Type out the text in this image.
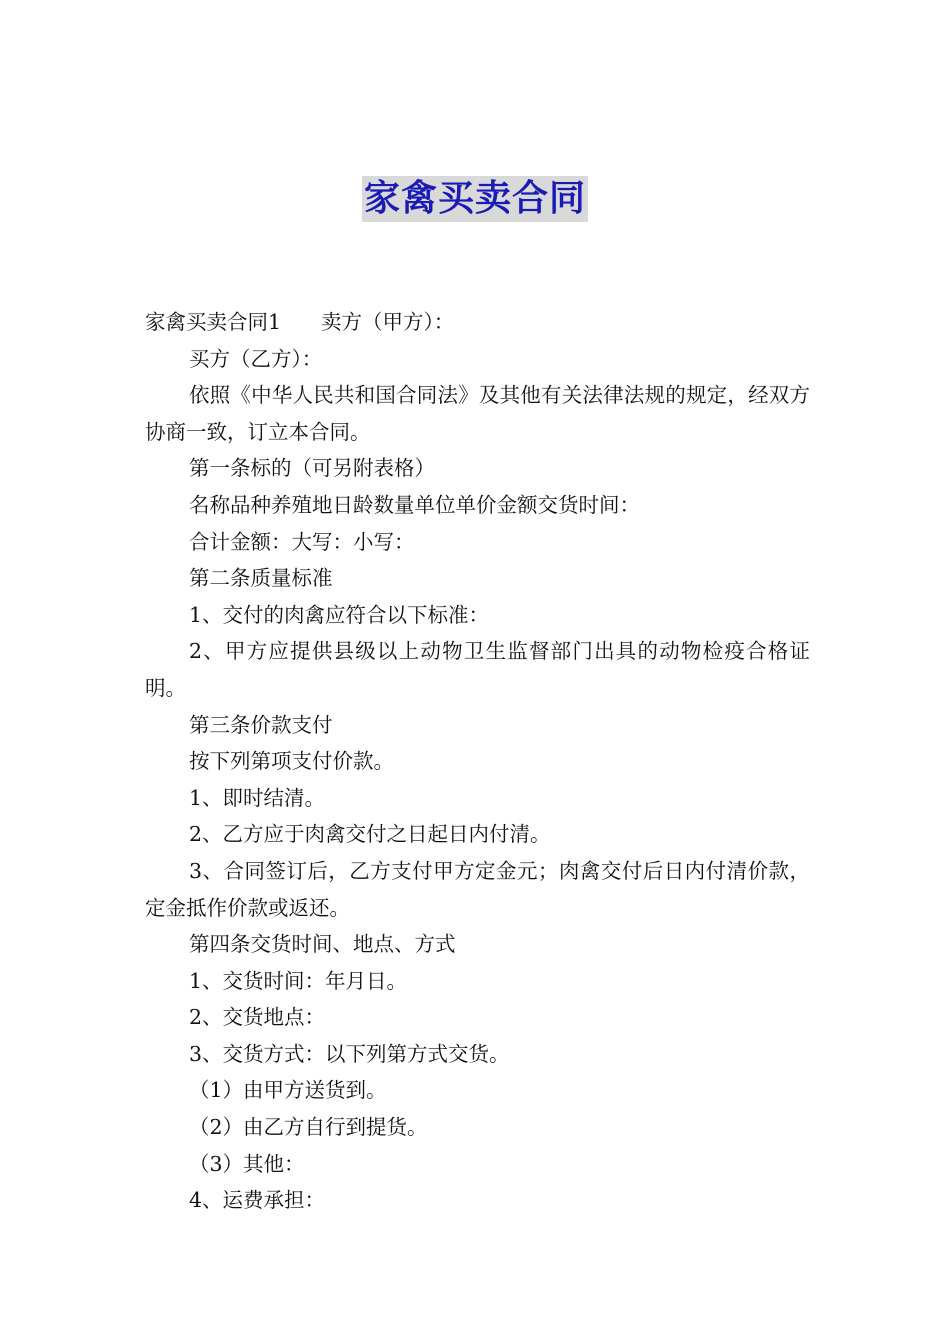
家禽买卖合同

家禽买卖合同1 卖方（甲方）：

买方（乙方）：

依照《中华人民共和国合同法》及其他有关法律法规的规定，经双方协商一致，订立本合同。

第一条标的（可另附表格）

名称品种养殖地日龄数量单位单价金额交货时间：

合计金额：大写：小写：

第二条质量标准

1、交付的肉禽应符合以下标准：

2、甲方应提供县级以上动物卫生监督部门出具的动物检疫合格证明。

第三条价款支付

按下列第项支付价款。

1、即时结清。

2、乙方应于肉禽交付之日起日内付清。

3、合同签订后，乙方支付甲方定金元；肉禽交付后日内付清价款，定金抵作价款或返还。

第四条交货时间、地点、方式

1、交货时间：年月日。

2、交货地点：

3、交货方式：以下列第方式交货。

（1）由甲方送货到。

（2）由乙方自行到提货。

（3）其他：

4、运费承担：
